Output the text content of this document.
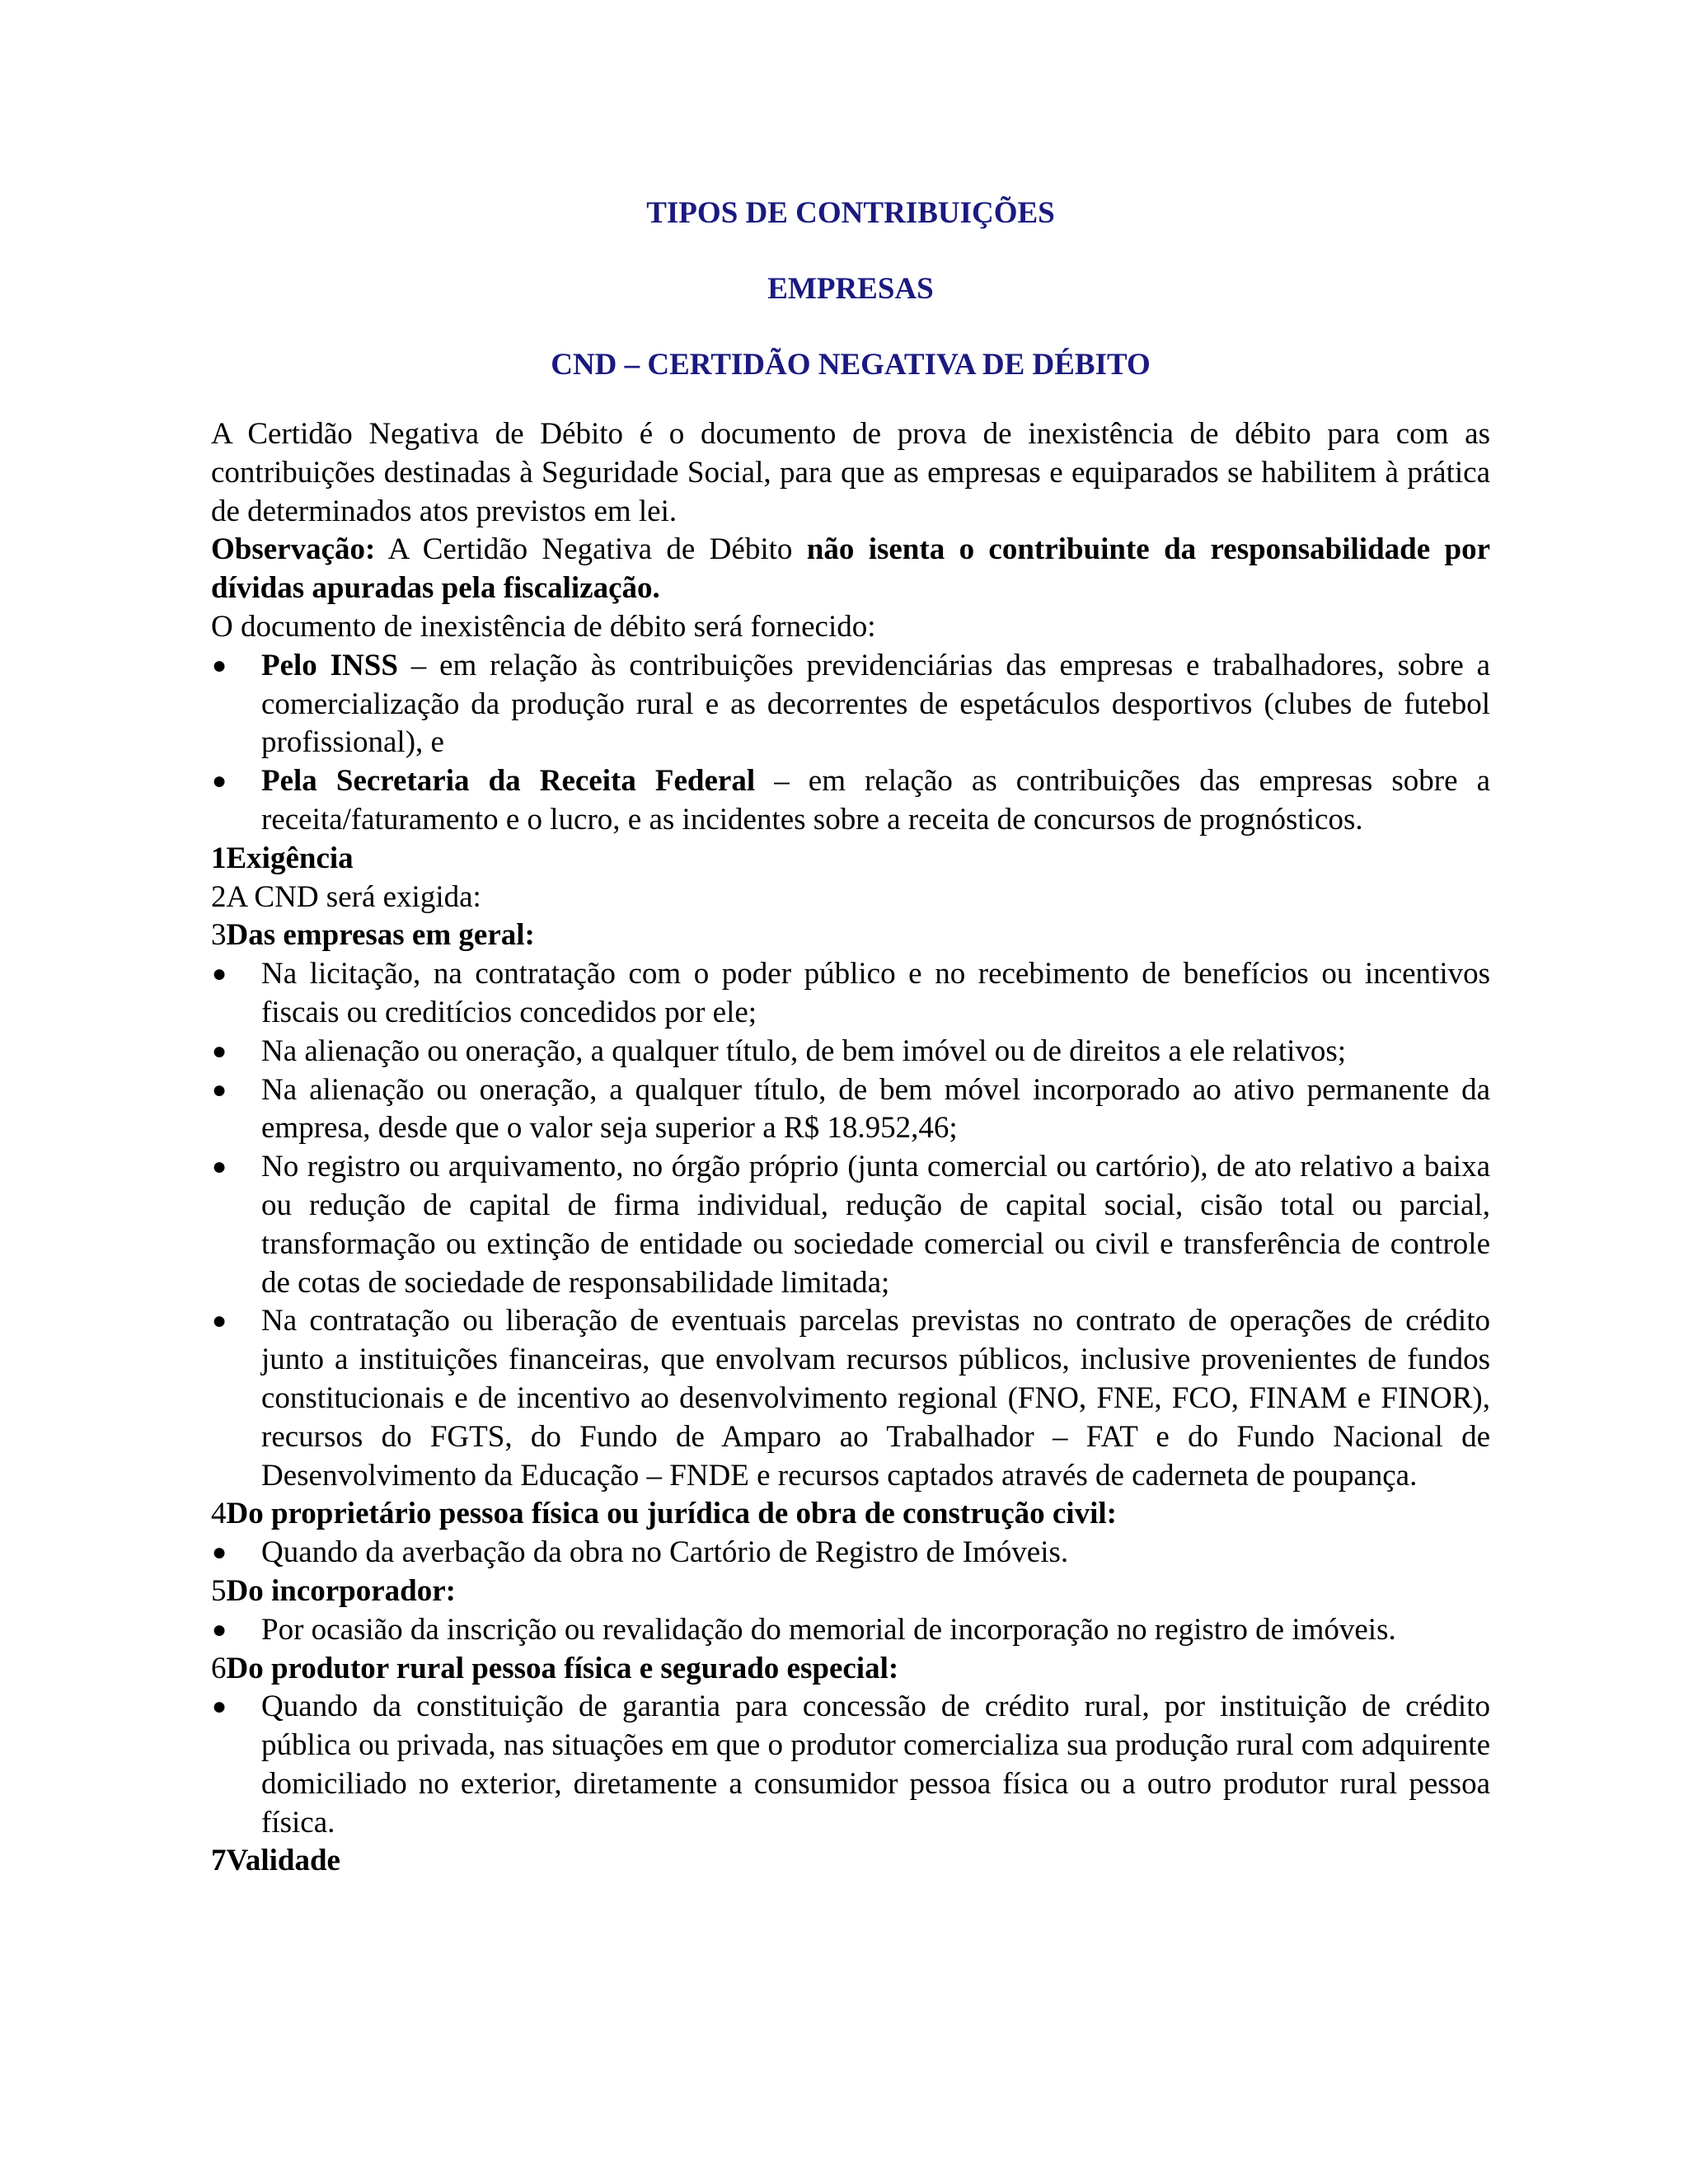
TIPOS DE CONTRIBUIÇÕES
EMPRESAS
CND – CERTIDÃO NEGATIVA DE DÉBITO

A Certidão Negativa de Débito é o documento de prova de inexistência de débito para com as contribuições destinadas à Seguridade Social, para que as empresas e equiparados se habilitem à prática de determinados atos previstos em lei.

Observação: A Certidão Negativa de Débito não isenta o contribuinte da responsabilidade por dívidas apuradas pela fiscalização.

O documento de inexistência de débito será fornecido:

● Pelo INSS – em relação às contribuições previdenciárias das empresas e trabalhadores, sobre a comercialização da produção rural e as decorrentes de espetáculos desportivos (clubes de futebol profissional), e
● Pela Secretaria da Receita Federal – em relação as contribuições das empresas sobre a receita/faturamento e o lucro, e as incidentes sobre a receita de concursos de prognósticos.

1Exigência

2A CND será exigida:

3Das empresas em geral:

● Na licitação, na contratação com o poder público e no recebimento de benefícios ou incentivos fiscais ou creditícios concedidos por ele;
● Na alienação ou oneração, a qualquer título, de bem imóvel ou de direitos a ele relativos;
● Na alienação ou oneração, a qualquer título, de bem móvel incorporado ao ativo permanente da empresa, desde que o valor seja superior a R$ 18.952,46;
● No registro ou arquivamento, no órgão próprio (junta comercial ou cartório), de ato relativo a baixa ou redução de capital de firma individual, redução de capital social, cisão total ou parcial, transformação ou extinção de entidade ou sociedade comercial ou civil e transferência de controle de cotas de sociedade de responsabilidade limitada;
● Na contratação ou liberação de eventuais parcelas previstas no contrato de operações de crédito junto a instituições financeiras, que envolvam recursos públicos, inclusive provenientes de fundos constitucionais e de incentivo ao desenvolvimento regional (FNO, FNE, FCO, FINAM e FINOR), recursos do FGTS, do Fundo de Amparo ao Trabalhador – FAT e do Fundo Nacional de Desenvolvimento da Educação – FNDE e recursos captados através de caderneta de poupança.

4Do proprietário pessoa física ou jurídica de obra de construção civil:

● Quando da averbação da obra no Cartório de Registro de Imóveis.

5Do incorporador:

● Por ocasião da inscrição ou revalidação do memorial de incorporação no registro de imóveis.

6Do produtor rural pessoa física e segurado especial:

● Quando da constituição de garantia para concessão de crédito rural, por instituição de crédito pública ou privada, nas situações em que o produtor comercializa sua produção rural com adquirente domiciliado no exterior, diretamente a consumidor pessoa física ou a outro produtor rural pessoa física.

7Validade
